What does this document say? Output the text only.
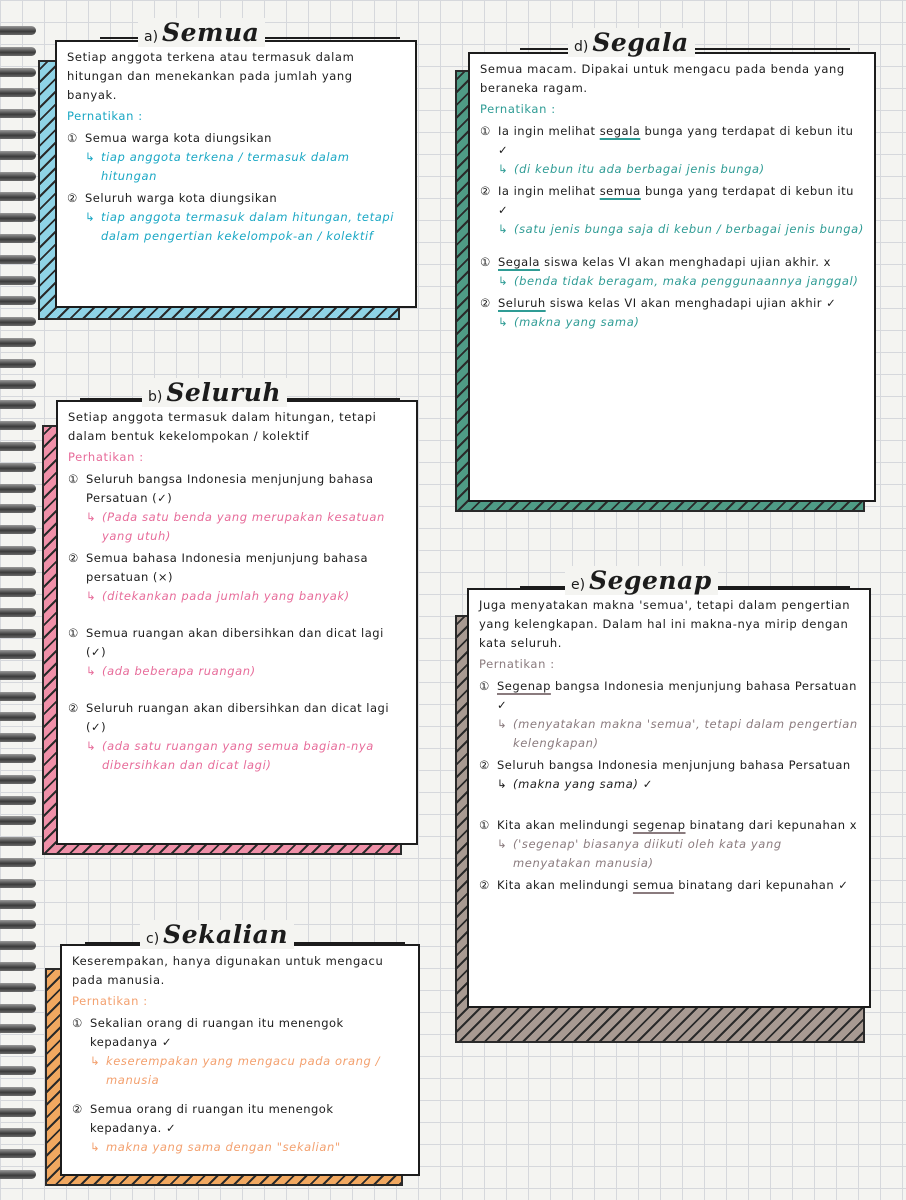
Setiap anggota terkena atau termasuk dalam hitungan dan menekankan pada jumlah yang banyak.

Pernatikan :

① Semua warga kota diungsikan
↳ tiap anggota terkena / termasuk dalam hitungan
② Seluruh warga kota diungsikan
↳ tiap anggota termasuk dalam hitungan, tetapi dalam pengertian kekelompok-an / kolektif
a) Semua

Semua macam. Dipakai untuk mengacu pada benda yang beraneka ragam.

Pernatikan :

① Ia ingin melihat segala bunga yang terdapat di kebun itu ✓
↳ (di kebun itu ada berbagai jenis bunga)
② Ia ingin melihat semua bunga yang terdapat di kebun itu ✓
↳ (satu jenis bunga saja di kebun / berbagai jenis bunga)
① Segala siswa kelas VI akan menghadapi ujian akhir. x
↳ (benda tidak beragam, maka penggunaannya janggal)
② Seluruh siswa kelas VI akan menghadapi ujian akhir ✓
↳ (makna yang sama)
d) Segala

Setiap anggota termasuk dalam hitungan, tetapi dalam bentuk kekelompokan / kolektif

Perhatikan :

① Seluruh bangsa Indonesia menjunjung bahasa Persatuan (✓)
↳ (Pada satu benda yang merupakan kesatuan yang utuh)
② Semua bahasa Indonesia menjunjung bahasa persatuan (×)
↳ (ditekankan pada jumlah yang banyak)
① Semua ruangan akan dibersihkan dan dicat lagi (✓)
↳ (ada beberapa ruangan)
② Seluruh ruangan akan dibersihkan dan dicat lagi (✓)
↳ (ada satu ruangan yang semua bagian-nya dibersihkan dan dicat lagi)
b) Seluruh

Juga menyatakan makna 'semua', tetapi dalam pengertian yang kelengkapan. Dalam hal ini makna-nya mirip dengan kata seluruh.

Pernatikan :

① Segenap bangsa Indonesia menjunjung bahasa Persatuan ✓
↳ (menyatakan makna 'semua', tetapi dalam pengertian kelengkapan)
② Seluruh bangsa Indonesia menjunjung bahasa Persatuan
↳ (makna yang sama) ✓
① Kita akan melindungi segenap binatang dari kepunahan x
↳ ('segenap' biasanya diikuti oleh kata yang menyatakan manusia)
② Kita akan melindungi semua binatang dari kepunahan ✓
e) Segenap

Keserempakan, hanya digunakan untuk mengacu pada manusia.

Pernatikan :

① Sekalian orang di ruangan itu menengok kepadanya ✓
↳ keserempakan yang mengacu pada orang / manusia
② Semua orang di ruangan itu menengok kepadanya. ✓
↳ makna yang sama dengan "sekalian"
c) Sekalian
